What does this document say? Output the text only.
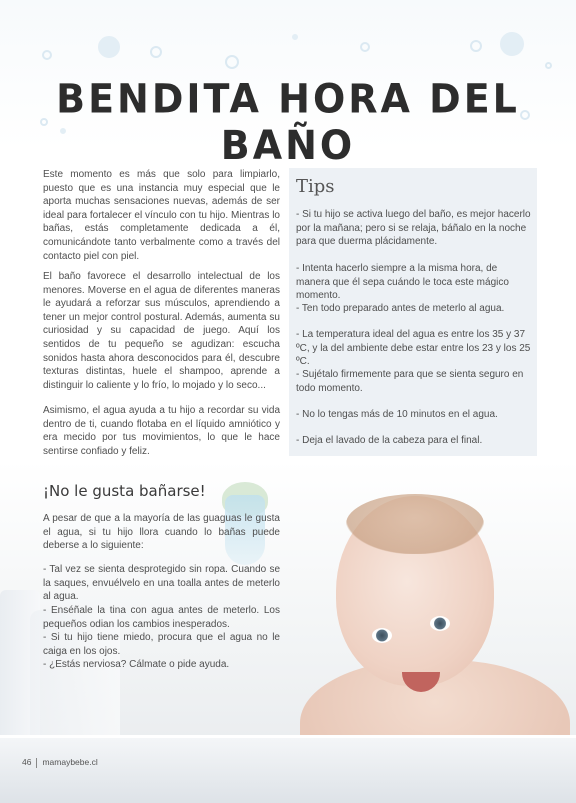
BENDITA HORA DEL BAÑO
Este momento es más que solo para limpiarlo, puesto que es una instancia muy especial que le aporta muchas sensaciones nuevas, además de ser ideal para fortalecer el vínculo con tu hijo. Mientras lo bañas, estás completamente dedicada a él, comunicándote tanto verbalmente como a través del contacto piel con piel.
El baño favorece el desarrollo intelectual de los menores. Moverse en el agua de diferentes maneras le ayudará a reforzar sus músculos, aprendiendo a tener un mejor control postural. Además, aumenta su curiosidad y su capacidad de juego. Aquí los sentidos de tu pequeño se agudizan: escucha sonidos hasta ahora desconocidos para él, descubre texturas distintas, huele el shampoo, aprende a distinguir lo caliente y lo frío, lo mojado y lo seco...
Asimismo, el agua ayuda a tu hijo a recordar su vida dentro de ti, cuando flotaba en el líquido amniótico y era mecido por tus movimientos, lo que le hace sentirse confiado y feliz.
Tips
- Si tu hijo se activa luego del baño, es mejor hacerlo por la mañana; pero si se relaja, báñalo en la noche para que duerma plácidamente.
- Intenta hacerlo siempre a la misma hora, de manera que él sepa cuándo le toca este mágico momento.
- Ten todo preparado antes de meterlo al agua.
- La temperatura ideal del agua es entre los 35 y 37 ºC, y la del ambiente debe estar entre los 23 y los 25 ºC.
- Sujétalo firmemente para que se sienta seguro en todo momento.
- No lo tengas más de 10 minutos en el agua.
- Deja el lavado de la cabeza para el final.
¡No le gusta bañarse!
A pesar de que a la mayoría de las guaguas le gusta el agua, si tu hijo llora cuando lo bañas puede deberse a lo siguiente:
- Tal vez se sienta desprotegido sin ropa. Cuando se la saques, envuélvelo en una toalla antes de meterlo al agua.
- Enséñale la tina con agua antes de meterlo. Los pequeños odian los cambios inesperados.
- Si tu hijo tiene miedo, procura que el agua no le caiga en los ojos.
- ¿Estás nerviosa? Cálmate o pide ayuda.
46 mamaybebe.cl
